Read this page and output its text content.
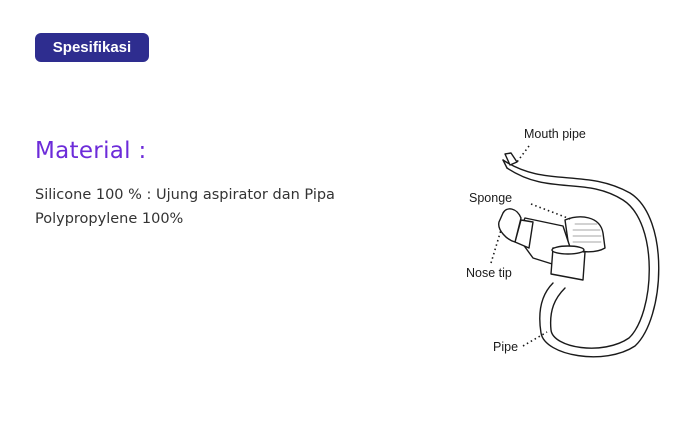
Spesifikasi
Material :
Silicone 100 % : Ujung aspirator dan Pipa
Polypropylene 100%
Mouth pipe
Sponge
Nose tip
Pipe
